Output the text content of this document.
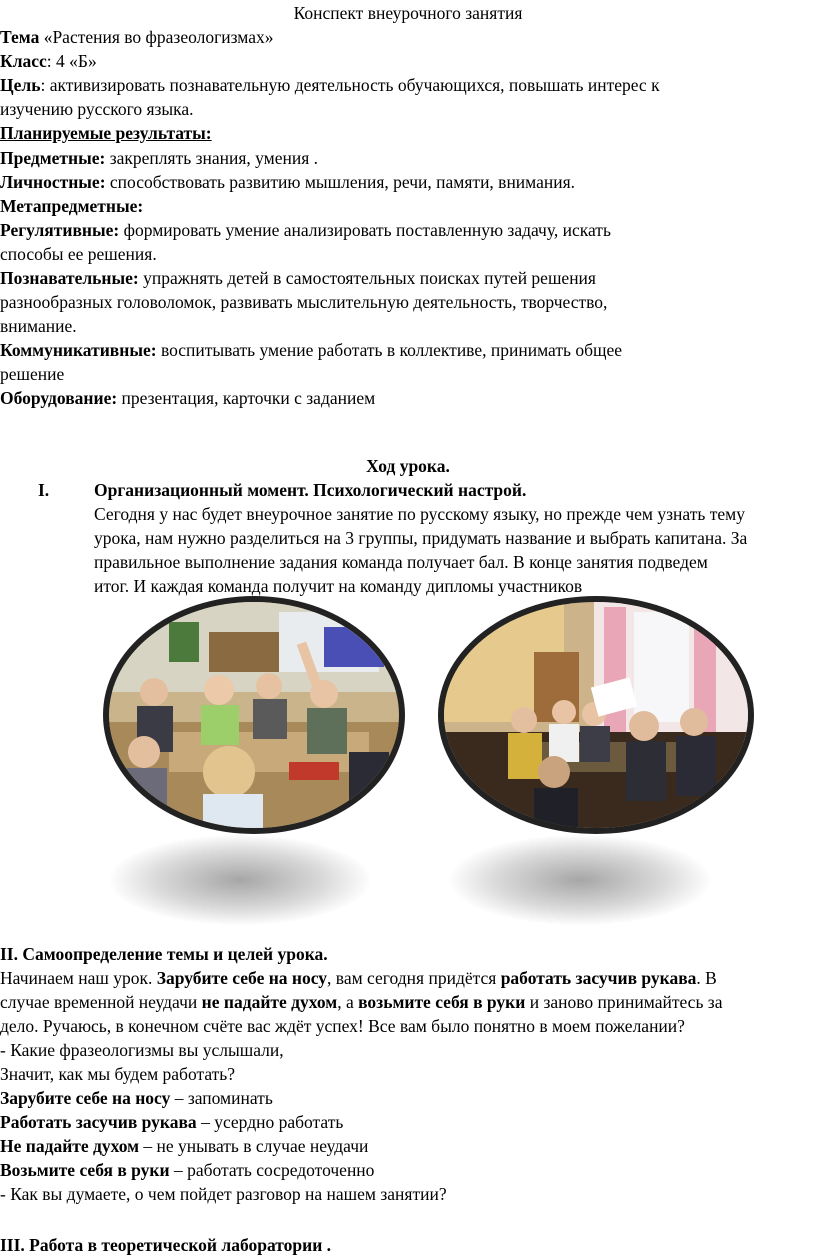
Конспект внеурочного занятия
Тема «Растения во фразеологизмах»
Класс: 4 «Б»
Цель: активизировать познавательную деятельность обучающихся, повышать интерес к
изучению русского языка.
Планируемые результаты:
Предметные: закреплять знания, умения .
Личностные: способствовать развитию мышления, речи, памяти, внимания.
Метапредметные:
Регулятивные: формировать умение анализировать поставленную задачу, искать
способы ее решения.
Познавательные: упражнять детей в самостоятельных поисках путей решения
разнообразных головоломок, развивать мыслительную деятельность, творчество,
внимание.
Коммуникативные: воспитывать умение работать в коллективе, принимать общее
решение
Оборудование: презентация, карточки с заданием
Ход урока.
I.	Организационный момент. Психологический настрой.
Сегодня у нас будет внеурочное занятие по русскому языку, но прежде чем узнать тему
урока, нам нужно разделиться на 3 группы, придумать название и выбрать капитана. За
правильное выполнение задания команда получает бал. В конце занятия подведем
итог. И каждая команда получит на команду дипломы участников
II. Самоопределение темы и целей урока.
Начинаем наш урок. Зарубите себе на носу, вам сегодня придётся работать засучив рукава. В
случае временной неудачи не падайте духом, а возьмите себя в руки и заново принимайтесь за
дело. Ручаюсь, в конечном счёте вас ждёт успех! Все вам было понятно в моем пожелании?
- Какие фразеологизмы вы услышали,
Значит, как мы будем работать?
Зарубите себе на носу – запоминать
Работать засучив рукава – усердно работать
Не падайте духом – не унывать в случае неудачи
Возьмите себя в руки – работать сосредоточенно
- Как вы думаете, о чем пойдет разговор на нашем занятии?
III. Работа в теоретической лаборатории .
